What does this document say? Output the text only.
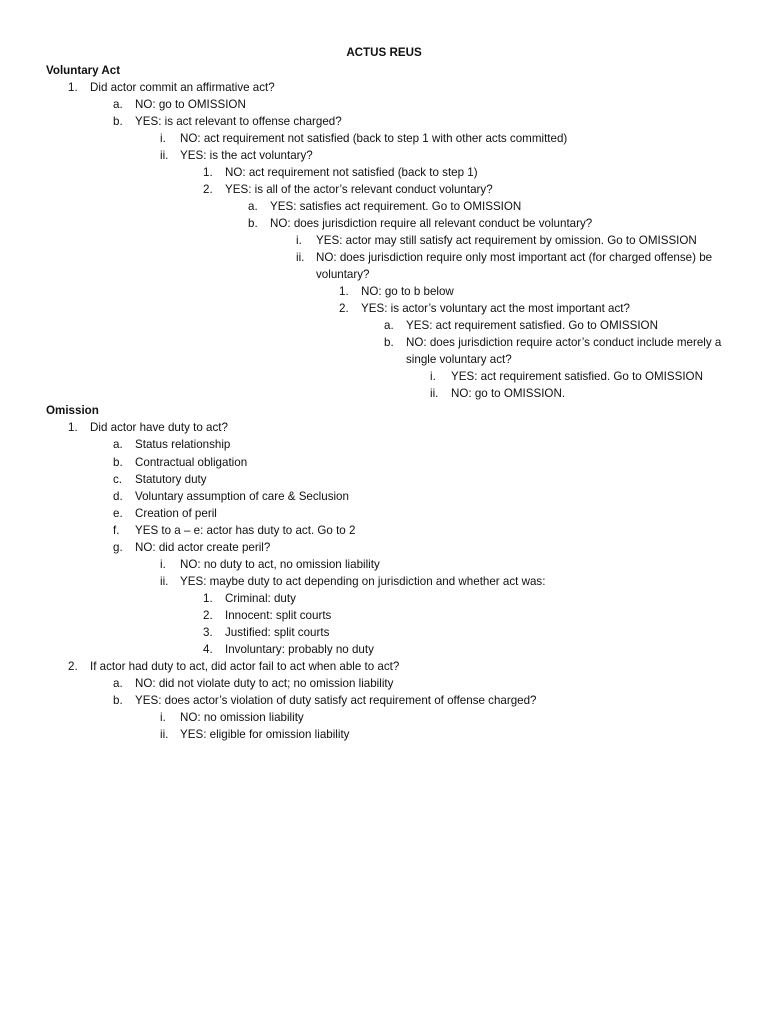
ACTUS REUS
Voluntary Act
Omission
1. Did actor commit an affirmative act?
a. NO: go to OMISSION
b. YES: is act relevant to offense charged?
i. NO: act requirement not satisfied (back to step 1 with other acts committed)
ii. YES: is the act voluntary?
1. NO: act requirement not satisfied (back to step 1)
2. YES: is all of the actor’s relevant conduct voluntary?
a. YES: satisfies act requirement. Go to OMISSION
b. NO: does jurisdiction require all relevant conduct be voluntary?
i. YES: actor may still satisfy act requirement by omission. Go to OMISSION
ii. NO: does jurisdiction require only most important act (for charged offense) be
voluntary?
1. NO: go to b below
2. YES: is actor’s voluntary act the most important act?
a. YES: act requirement satisfied. Go to OMISSION
b. NO: does jurisdiction require actor’s conduct include merely a
single voluntary act?
i. YES: act requirement satisfied. Go to OMISSION
ii. NO: go to OMISSION.
1. Did actor have duty to act?
a. Status relationship
b. Contractual obligation
c. Statutory duty
d. Voluntary assumption of care & Seclusion
e. Creation of peril
f. YES to a – e: actor has duty to act. Go to 2
g. NO: did actor create peril?
i. NO: no duty to act, no omission liability
ii. YES: maybe duty to act depending on jurisdiction and whether act was:
1. Criminal: duty
2. Innocent: split courts
3. Justified: split courts
4. Involuntary: probably no duty
2. If actor had duty to act, did actor fail to act when able to act?
a. NO: did not violate duty to act; no omission liability
b. YES: does actor’s violation of duty satisfy act requirement of offense charged?
i. NO: no omission liability
ii. YES: eligible for omission liability
